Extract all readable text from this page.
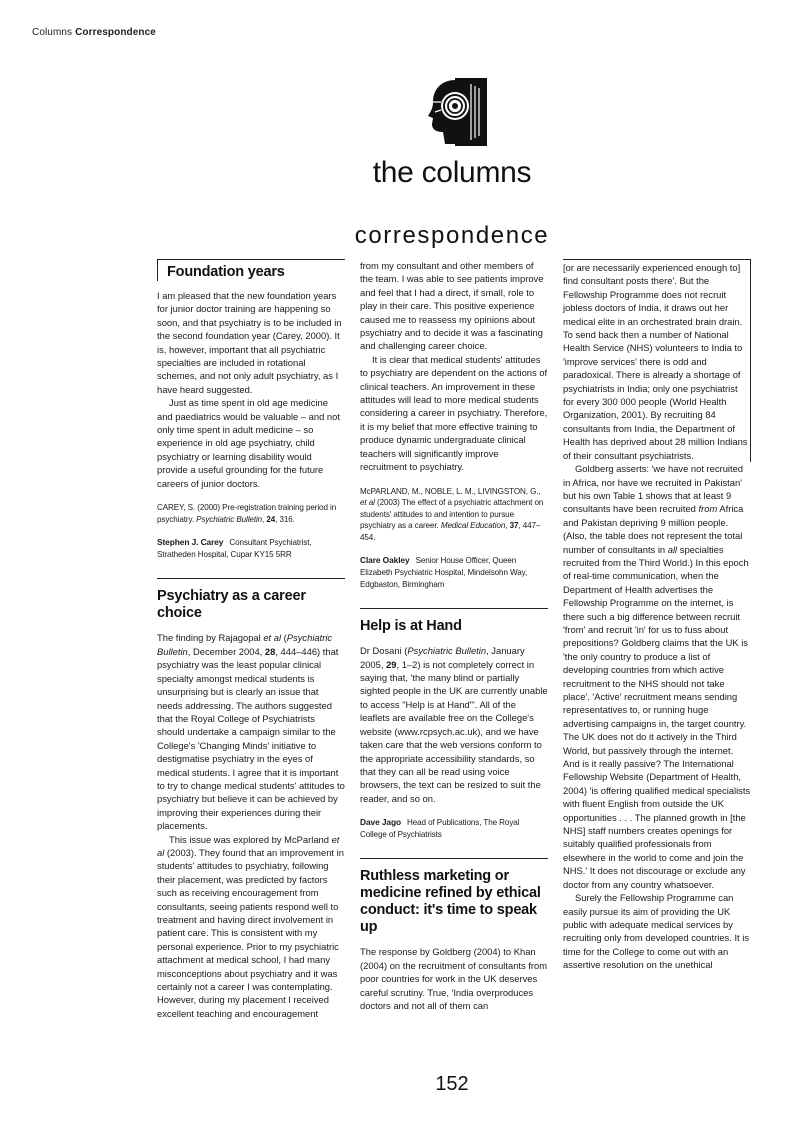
Columns Correspondence
the columns
correspondence
Foundation years

I am pleased that the new foundation years for junior doctor training are happening so soon, and that psychiatry is to be included in the second foundation year (Carey, 2000). It is, however, important that all psychiatric specialties are included in rotational schemes, and not only adult psychiatry, as I have heard suggested.

Just as time spent in old age medicine and paediatrics would be valuable – and not only time spent in adult medicine – so experience in old age psychiatry, child psychiatry or learning disability would provide a useful grounding for the future careers of junior doctors.

CAREY, S. (2000) Pre-registration training period in psychiatry. Psychiatric Bulletin, 24, 316.

Stephen J. Carey Consultant Psychiatrist, Stratheden Hospital, Cupar KY15 5RR

Psychiatry as a career choice

The finding by Rajagopal et al (Psychiatric Bulletin, December 2004, 28, 444–446) that psychiatry was the least popular clinical specialty amongst medical students is unsurprising but is clearly an issue that needs addressing. The authors suggested that the Royal College of Psychiatrists should undertake a campaign similar to the College's 'Changing Minds' initiative to destigmatise psychiatry in the eyes of medical students. I agree that it is important to try to change medical students' attitudes to psychiatry but believe it can be achieved by improving their experiences during their placements.

This issue was explored by McParland et al (2003). They found that an improvement in students' attitudes to psychiatry, following their placement, was predicted by factors such as receiving encouragement from consultants, seeing patients respond well to treatment and having direct involvement in patient care. This is consistent with my personal experience. Prior to my psychiatric attachment at medical school, I had many misconceptions about psychiatry and it was certainly not a career I was contemplating. However, during my placement I received excellent teaching and encouragement

from my consultant and other members of the team. I was able to see patients improve and feel that I had a direct, if small, role to play in their care. This positive experience caused me to reassess my opinions about psychiatry and to decide it was a fascinating and challenging career choice.

It is clear that medical students' attitudes to psychiatry are dependent on the actions of clinical teachers. An improvement in these attitudes will lead to more medical students considering a career in psychiatry. Therefore, it is my belief that more effective training to produce dynamic undergraduate clinical teachers will significantly improve recruitment to psychiatry.

McPARLAND, M., NOBLE, L. M., LIVINGSTON, G., et al (2003) The effect of a psychiatric attachment on students' attitudes to and intention to pursue psychiatry as a career. Medical Education, 37, 447–454.

Clare Oakley Senior House Officer, Queen Elizabeth Psychiatric Hospital, Mindelsohn Way, Edgbaston, Birmingham

Help is at Hand

Dr Dosani (Psychiatric Bulletin, January 2005, 29, 1–2) is not completely correct in saying that, 'the many blind or partially sighted people in the UK are currently unable to access "Help is at Hand"'. All of the leaflets are available free on the College's website (www.rcpsych.ac.uk), and we have taken care that the web versions conform to the appropriate accessibility standards, so that they can all be read using voice browsers, the text can be resized to suit the reader, and so on.

Dave Jago Head of Publications, The Royal College of Psychiatrists

Ruthless marketing or medicine refined by ethical conduct: it's time to speak up

The response by Goldberg (2004) to Khan (2004) on the recruitment of consultants from poor countries for work in the UK deserves careful scrutiny. True, 'India overproduces doctors and not all of them can

[or are necessarily experienced enough to] find consultant posts there'. But the Fellowship Programme does not recruit jobless doctors of India, it draws out her medical elite in an orchestrated brain drain. To send back then a number of National Health Service (NHS) volunteers to India to 'improve services' there is odd and paradoxical. There is already a shortage of psychiatrists in India; only one psychiatrist for every 300 000 people (World Health Organization, 2001). By recruiting 84 consultants from India, the Department of Health has deprived about 28 million Indians of their consultant psychiatrists.

Goldberg asserts: 'we have not recruited in Africa, nor have we recruited in Pakistan' but his own Table 1 shows that at least 9 consultants have been recruited from Africa and Pakistan depriving 9 million people. (Also, the table does not represent the total number of consultants in all specialties recruited from the Third World.) In this epoch of real-time communication, when the Department of Health advertises the Fellowship Programme on the internet, is there such a big difference between recruit 'from' and recruit 'in' for us to fuss about prepositions? Goldberg claims that the UK is 'the only country to produce a list of developing countries from which active recruitment to the NHS should not take place'. 'Active' recruitment means sending representatives to, or running huge advertising campaigns in, the target country. The UK does not do it actively in the Third World, but passively through the internet. And is it really passive? The International Fellowship Website (Department of Health, 2004) 'is offering qualified medical specialists with fluent English from outside the UK opportunities . . . The planned growth in [the NHS] staff numbers creates openings for suitably qualified professionals from elsewhere in the world to come and join the NHS.' It does not discourage or exclude any doctor from any country whatsoever.

Surely the Fellowship Programme can easily pursue its aim of providing the UK public with adequate medical services by recruiting only from developed countries. It is time for the College to come out with an assertive resolution on the unethical

152
